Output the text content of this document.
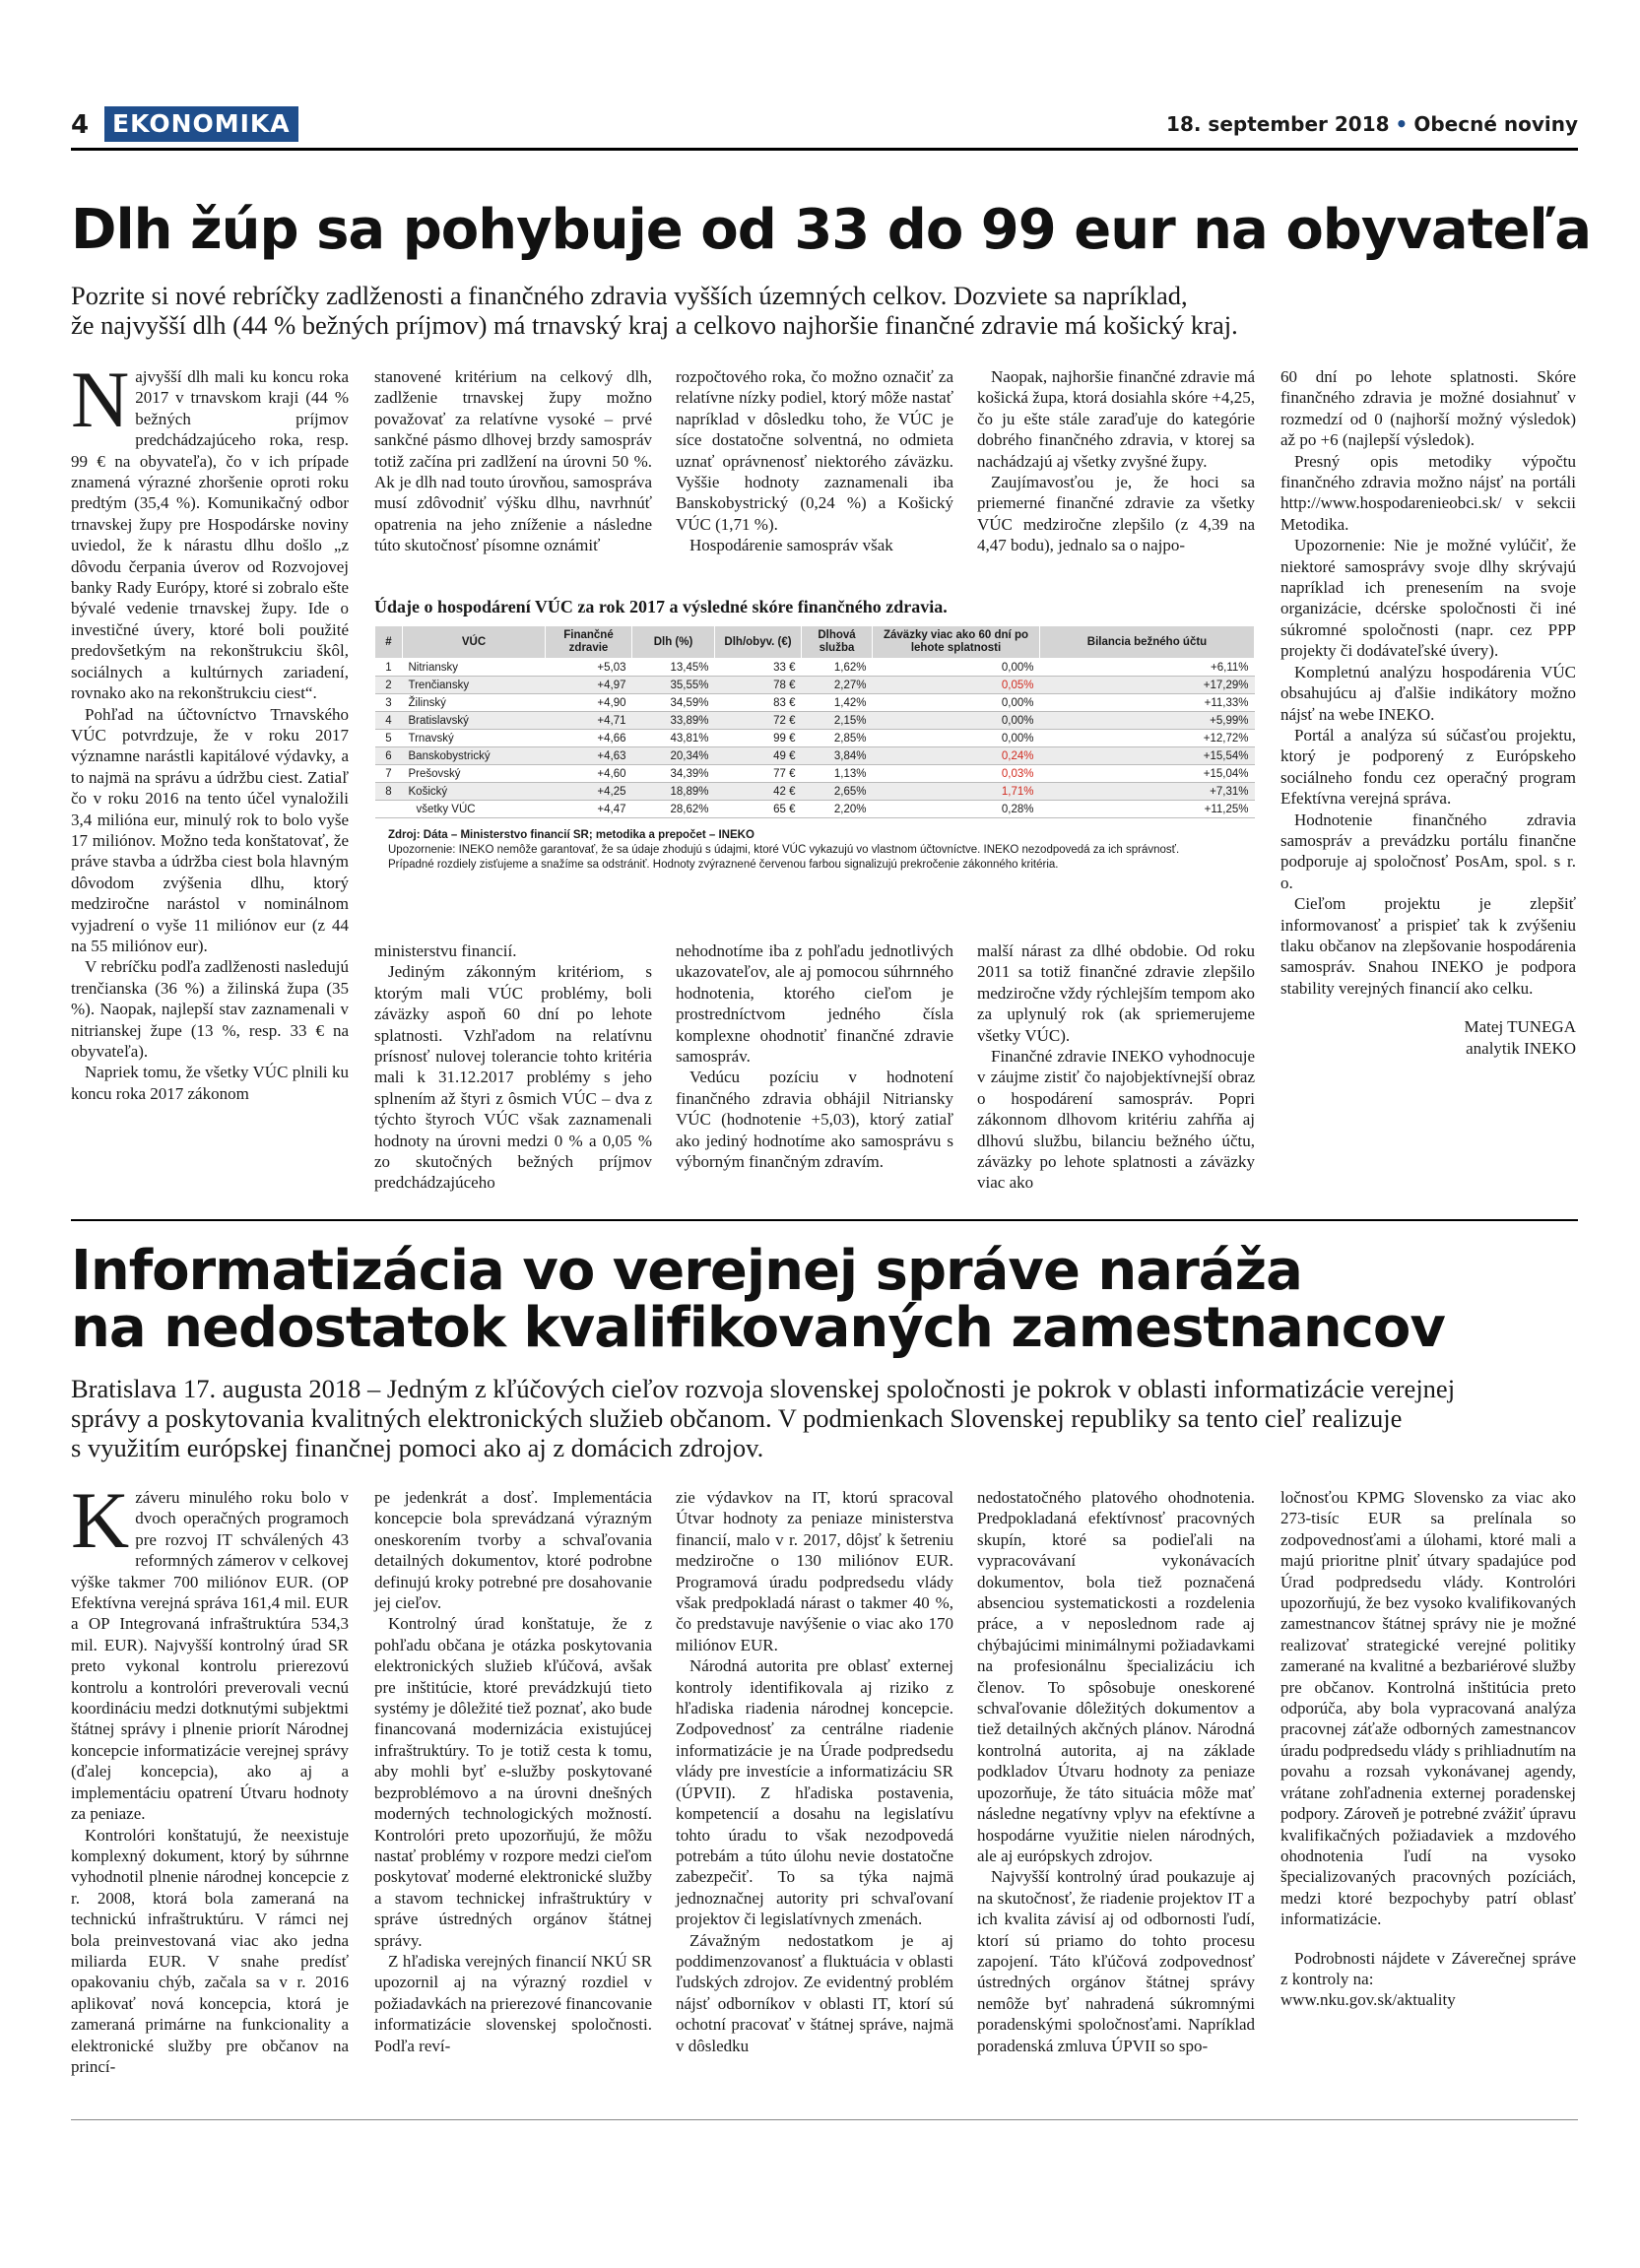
4 EKONOMIKA	18. september 2018 • Obecné noviny
Dlh žúp sa pohybuje od 33 do 99 eur na obyvateľa
Pozrite si nové rebríčky zadlženosti a finančného zdravia vyšších územných celkov. Dozviete sa napríklad,
že najvyšší dlh (44 % bežných príjmov) má trnavský kraj a celkovo najhoršie finančné zdravie má košický kraj.
N ajvyšší dlh mali ku koncu roka 2017 v trnavskom kraji (44 % bežných príjmov predchádzajúceho roka, resp. 99 € na obyvateľa), čo v ich prípade znamená výrazné zhoršenie oproti roku predtým (35,4 %). Komunikačný odbor trnavskej župy pre Hospodárske noviny uviedol, že k nárastu dlhu došlo „z dôvodu čerpania úverov od Rozvojovej banky Rady Európy, ktoré si zobralo ešte bývalé vedenie trnavskej župy. Ide o investičné úvery, ktoré boli použité predovšetkým na rekonštrukciu škôl, sociálnych a kultúrnych zariadení, rovnako ako na rekonštrukciu ciest“.

Pohľad na účtovníctvo Trnavského VÚC potvrdzuje, že v roku 2017 významne narástli kapitálové výdavky, a to najmä na správu a údržbu ciest. Zatiaľ čo v roku 2016 na tento účel vynaložili 3,4 milióna eur, minulý rok to bolo vyše 17 miliónov. Možno teda konštatovať, že práve stavba a údržba ciest bola hlavným dôvodom zvýšenia dlhu, ktorý medziročne narástol v nominálnom vyjadrení o vyše 11 miliónov eur (z 44 na 55 miliónov eur).

V rebríčku podľa zadlženosti nasledujú trenčianska (36 %) a žilinská župa (35 %). Naopak, najlepší stav zaznamenali v nitrianskej župe (13 %, resp. 33 € na obyvateľa).

Napriek tomu, že všetky VÚC plnili ku koncu roka 2017 zákonom

stanovené kritérium na celkový dlh, zadlženie trnavskej župy možno považovať za relatívne vysoké – prvé sankčné pásmo dlhovej brzdy samospráv totiž začína pri zadlžení na úrovni 50 %. Ak je dlh nad touto úrovňou, samospráva musí zdôvodniť výšku dlhu, navrhnúť opatrenia na jeho zníženie a následne túto skutočnosť písomne oznámiť

rozpočtového roka, čo možno označiť za relatívne nízky podiel, ktorý môže nastať napríklad v dôsledku toho, že VÚC je síce dostatočne solventná, no odmieta uznať oprávnenosť niektorého záväzku. Vyššie hodnoty zaznamenali iba Banskobystrický (0,24 %) a Košický VÚC (1,71 %).

Hospodárenie samospráv však

Naopak, najhoršie finančné zdravie má košická župa, ktorá dosiahla skóre +4,25, čo ju ešte stále zaraďuje do kategórie dobrého finančného zdravia, v ktorej sa nachádzajú aj všetky zvyšné župy.

Zaujímavosťou je, že hoci sa priemerné finančné zdravie za všetky VÚC medziročne zlepšilo (z 4,39 na 4,47 bodu), jednalo sa o najpo-

Údaje o hospodárení VÚC za rok 2017 a výsledné skóre finančného zdravia.
#	VÚC	Finančné zdravie	Dlh (%)	Dlh/obyv. (€)	Dlhová služba	Záväzky viac ako 60 dní po lehote splatnosti	Bilancia bežného účtu
1	Nitriansky	+5,03	13,45%	33 €	1,62%	0,00%	+6,11%
2	Trenčiansky	+4,97	35,55%	78 €	2,27%	0,05%	+17,29%
3	Žilinský	+4,90	34,59%	83 €	1,42%	0,00%	+11,33%
4	Bratislavský	+4,71	33,89%	72 €	2,15%	0,00%	+5,99%
5	Trnavský	+4,66	43,81%	99 €	2,85%	0,00%	+12,72%
6	Banskobystrický	+4,63	20,34%	49 €	3,84%	0,24%	+15,54%
7	Prešovský	+4,60	34,39%	77 €	1,13%	0,03%	+15,04%
8	Košický	+4,25	18,89%	42 €	2,65%	1,71%	+7,31%
	všetky VÚC	+4,47	28,62%	65 €	2,20%	0,28%	+11,25%
Zdroj: Dáta – Ministerstvo financií SR; metodika a prepočet – INEKO
Upozornenie: INEKO nemôže garantovať, že sa údaje zhodujú s údajmi, ktoré VÚC vykazujú vo vlastnom účtovníctve. INEKO nezodpovedá za ich správnosť. Prípadné rozdiely zisťujeme a snažíme sa odstrániť. Hodnoty zvýraznené červenou farbou signalizujú prekročenie zákonného kritéria.

ministerstvu financií.

Jediným zákonným kritériom, s ktorým mali VÚC problémy, boli záväzky aspoň 60 dní po lehote splatnosti. Vzhľadom na relatívnu prísnosť nulovej tolerancie tohto kritéria mali k 31.12.2017 problémy s jeho splnením až štyri z ôsmich VÚC – dva z týchto štyroch VÚC však zaznamenali hodnoty na úrovni medzi 0 % a 0,05 % zo skutočných bežných príjmov predchádzajúceho

nehodnotíme iba z pohľadu jednotlivých ukazovateľov, ale aj pomocou súhrnného hodnotenia, ktorého cieľom je prostredníctvom jedného čísla komplexne ohodnotiť finančné zdravie samospráv.

Vedúcu pozíciu v hodnotení finančného zdravia obhájil Nitriansky VÚC (hodnotenie +5,03), ktorý zatiaľ ako jediný hodnotíme ako samosprávu s výborným finančným zdravím.

malší nárast za dlhé obdobie. Od roku 2011 sa totiž finančné zdravie zlepšilo medziročne vždy rýchlejším tempom ako za uplynulý rok (ak spriemerujeme všetky VÚC).

Finančné zdravie INEKO vyhodnocuje v záujme zistiť čo najobjektívnejší obraz o hospodárení samospráv. Popri zákonnom dlhovom kritériu zahŕňa aj dlhovú službu, bilanciu bežného účtu, záväzky po lehote splatnosti a záväzky viac ako

60 dní po lehote splatnosti. Skóre finančného zdravia je možné dosiahnuť v rozmedzí od 0 (najhorší možný výsledok) až po +6 (najlepší výsledok).

Presný opis metodiky výpočtu finančného zdravia možno nájsť na portáli http://www.hospodarenieobci.sk/ v sekcii Metodika.

Upozornenie: Nie je možné vylúčiť, že niektoré samosprávy svoje dlhy skrývajú napríklad ich prenesením na svoje organizácie, dcérske spoločnosti či iné súkromné spoločnosti (napr. cez PPP projekty či dodávateľské úvery).

Kompletnú analýzu hospodárenia VÚC obsahujúcu aj ďalšie indikátory možno nájsť na webe INEKO.

Portál a analýza sú súčasťou projektu, ktorý je podporený z Európskeho sociálneho fondu cez operačný program Efektívna verejná správa.

Hodnotenie finančného zdravia samospráv a prevádzku portálu finančne podporuje aj spoločnosť PosAm, spol. s r. o.

Cieľom projektu je zlepšiť informovanosť a prispieť tak k zvýšeniu tlaku občanov na zlepšovanie hospodárenia samospráv. Snahou INEKO je podpora stability verejných financií ako celku.

Matej TUNEGA
analytik INEKO
Informatizácia vo verejnej správe naráža
na nedostatok kvalifikovaných zamestnancov
Bratislava 17. augusta 2018 – Jedným z kľúčových cieľov rozvoja slovenskej spoločnosti je pokrok v oblasti informatizácie verejnej
správy a poskytovania kvalitných elektronických služieb občanom. V podmienkach Slovenskej republiky sa tento cieľ realizuje
s využitím európskej finančnej pomoci ako aj z domácich zdrojov.
K záveru minulého roku bolo v dvoch operačných programoch pre rozvoj IT schválených 43 reformných zámerov v celkovej výške takmer 700 miliónov EUR. (OP Efektívna verejná správa 161,4 mil. EUR a OP Integrovaná infraštruktúra 534,3 mil. EUR). Najvyšší kontrolný úrad SR preto vykonal kontrolu prierezovú kontrolu a kontrolóri preverovali vecnú koordináciu medzi dotknutými subjektmi štátnej správy i plnenie priorít Národnej koncepcie informatizácie verejnej správy (ďalej koncepcia), ako aj a implementáciu opatrení Útvaru hodnoty za peniaze.

Kontrolóri konštatujú, že neexistuje komplexný dokument, ktorý by súhrnne vyhodnotil plnenie národnej koncepcie z r. 2008, ktorá bola zameraná na technickú infraštruktúru. V rámci nej bola preinvestovaná viac ako jedna miliarda EUR. V snahe predísť opakovaniu chýb, začala sa v r. 2016 aplikovať nová koncepcia, ktorá je zameraná primárne na funkcionality a elektronické služby pre občanov na princí-

pe jedenkrát a dosť. Implementácia koncepcie bola sprevádzaná výrazným oneskorením tvorby a schvaľovania detailných dokumentov, ktoré podrobne definujú kroky potrebné pre dosahovanie jej cieľov.

Kontrolný úrad konštatuje, že z pohľadu občana je otázka poskytovania elektronických služieb kľúčová, avšak pre inštitúcie, ktoré prevádzkujú tieto systémy je dôležité tiež poznať, ako bude financovaná modernizácia existujúcej infraštruktúry. To je totiž cesta k tomu, aby mohli byť e-služby poskytované bezproblémovo a na úrovni dnešných moderných technologických možností. Kontrolóri preto upozorňujú, že môžu nastať problémy v rozpore medzi cieľom poskytovať moderné elektronické služby a stavom technickej infraštruktúry v správe ústredných orgánov štátnej správy.

Z hľadiska verejných financií NKÚ SR upozornil aj na výrazný rozdiel v požiadavkách na prierezové financovanie informatizácie slovenskej spoločnosti. Podľa reví-

zie výdavkov na IT, ktorú spracoval Útvar hodnoty za peniaze ministerstva financií, malo v r. 2017, dôjsť k šetreniu medziročne o 130 miliónov EUR. Programová úradu podpredsedu vlády však predpokladá nárast o takmer 40 %, čo predstavuje navýšenie o viac ako 170 miliónov EUR.

Národná autorita pre oblasť externej kontroly identifikovala aj riziko z hľadiska riadenia národnej koncepcie. Zodpovednosť za centrálne riadenie informatizácie je na Úrade podpredsedu vlády pre investície a informatizáciu SR (ÚPVII). Z hľadiska postavenia, kompetencií a dosahu na legislatívu tohto úradu to však nezodpovedá potrebám a túto úlohu nevie dostatočne zabezpečiť. To sa týka najmä jednoznačnej autority pri schvaľovaní projektov či legislatívnych zmenách.

Závažným nedostatkom je aj poddimenzovanosť a fluktuácia v oblasti ľudských zdrojov. Ze evidentný problém nájsť odborníkov v oblasti IT, ktorí sú ochotní pracovať v štátnej správe, najmä v dôsledku

nedostatočného platového ohodnotenia. Predpokladaná efektívnosť pracovných skupín, ktoré sa podieľali na vypracovávaní vykonávacích dokumentov, bola tiež poznačená absenciou systematickosti a rozdelenia práce, a v neposlednom rade aj chýbajúcimi minimálnymi požiadavkami na profesionálnu špecializáciu ich členov. To spôsobuje oneskorené schvaľovanie dôležitých dokumentov a tiež detailných akčných plánov. Národná kontrolná autorita, aj na základe podkladov Útvaru hodnoty za peniaze upozorňuje, že táto situácia môže mať následne negatívny vplyv na efektívne a hospodárne využitie nielen národných, ale aj európskych zdrojov.

Najvyšší kontrolný úrad poukazuje aj na skutočnosť, že riadenie projektov IT a ich kvalita závisí aj od odbornosti ľudí, ktorí sú priamo do tohto procesu zapojení. Táto kľúčová zodpovednosť ústredných orgánov štátnej správy nemôže byť nahradená súkromnými poradenskými spoločnosťami. Napríklad poradenská zmluva ÚPVII so spo-

ločnosťou KPMG Slovensko za viac ako 273-tisíc EUR sa prelínala so zodpovednosťami a úlohami, ktoré mali a majú prioritne plniť útvary spadajúce pod Úrad podpredsedu vlády. Kontrolóri upozorňujú, že bez vysoko kvalifikovaných zamestnancov štátnej správy nie je možné realizovať strategické verejné politiky zamerané na kvalitné a bezbariérové služby pre občanov. Kontrolná inštitúcia preto odporúča, aby bola vypracovaná analýza pracovnej záťaže odborných zamestnancov úradu podpredsedu vlády s prihliadnutím na povahu a rozsah vykonávanej agendy, vrátane zohľadnenia externej poradenskej podpory. Zároveň je potrebné zvážiť úpravu kvalifikačných požiadaviek a mzdového ohodnotenia ľudí na vysoko špecializovaných pracovných pozíciách, medzi ktoré bezpochyby patrí oblasť informatizácie.

Podrobnosti nájdete v Záverečnej správe z kontroly na:

www.nku.gov.sk/aktuality
